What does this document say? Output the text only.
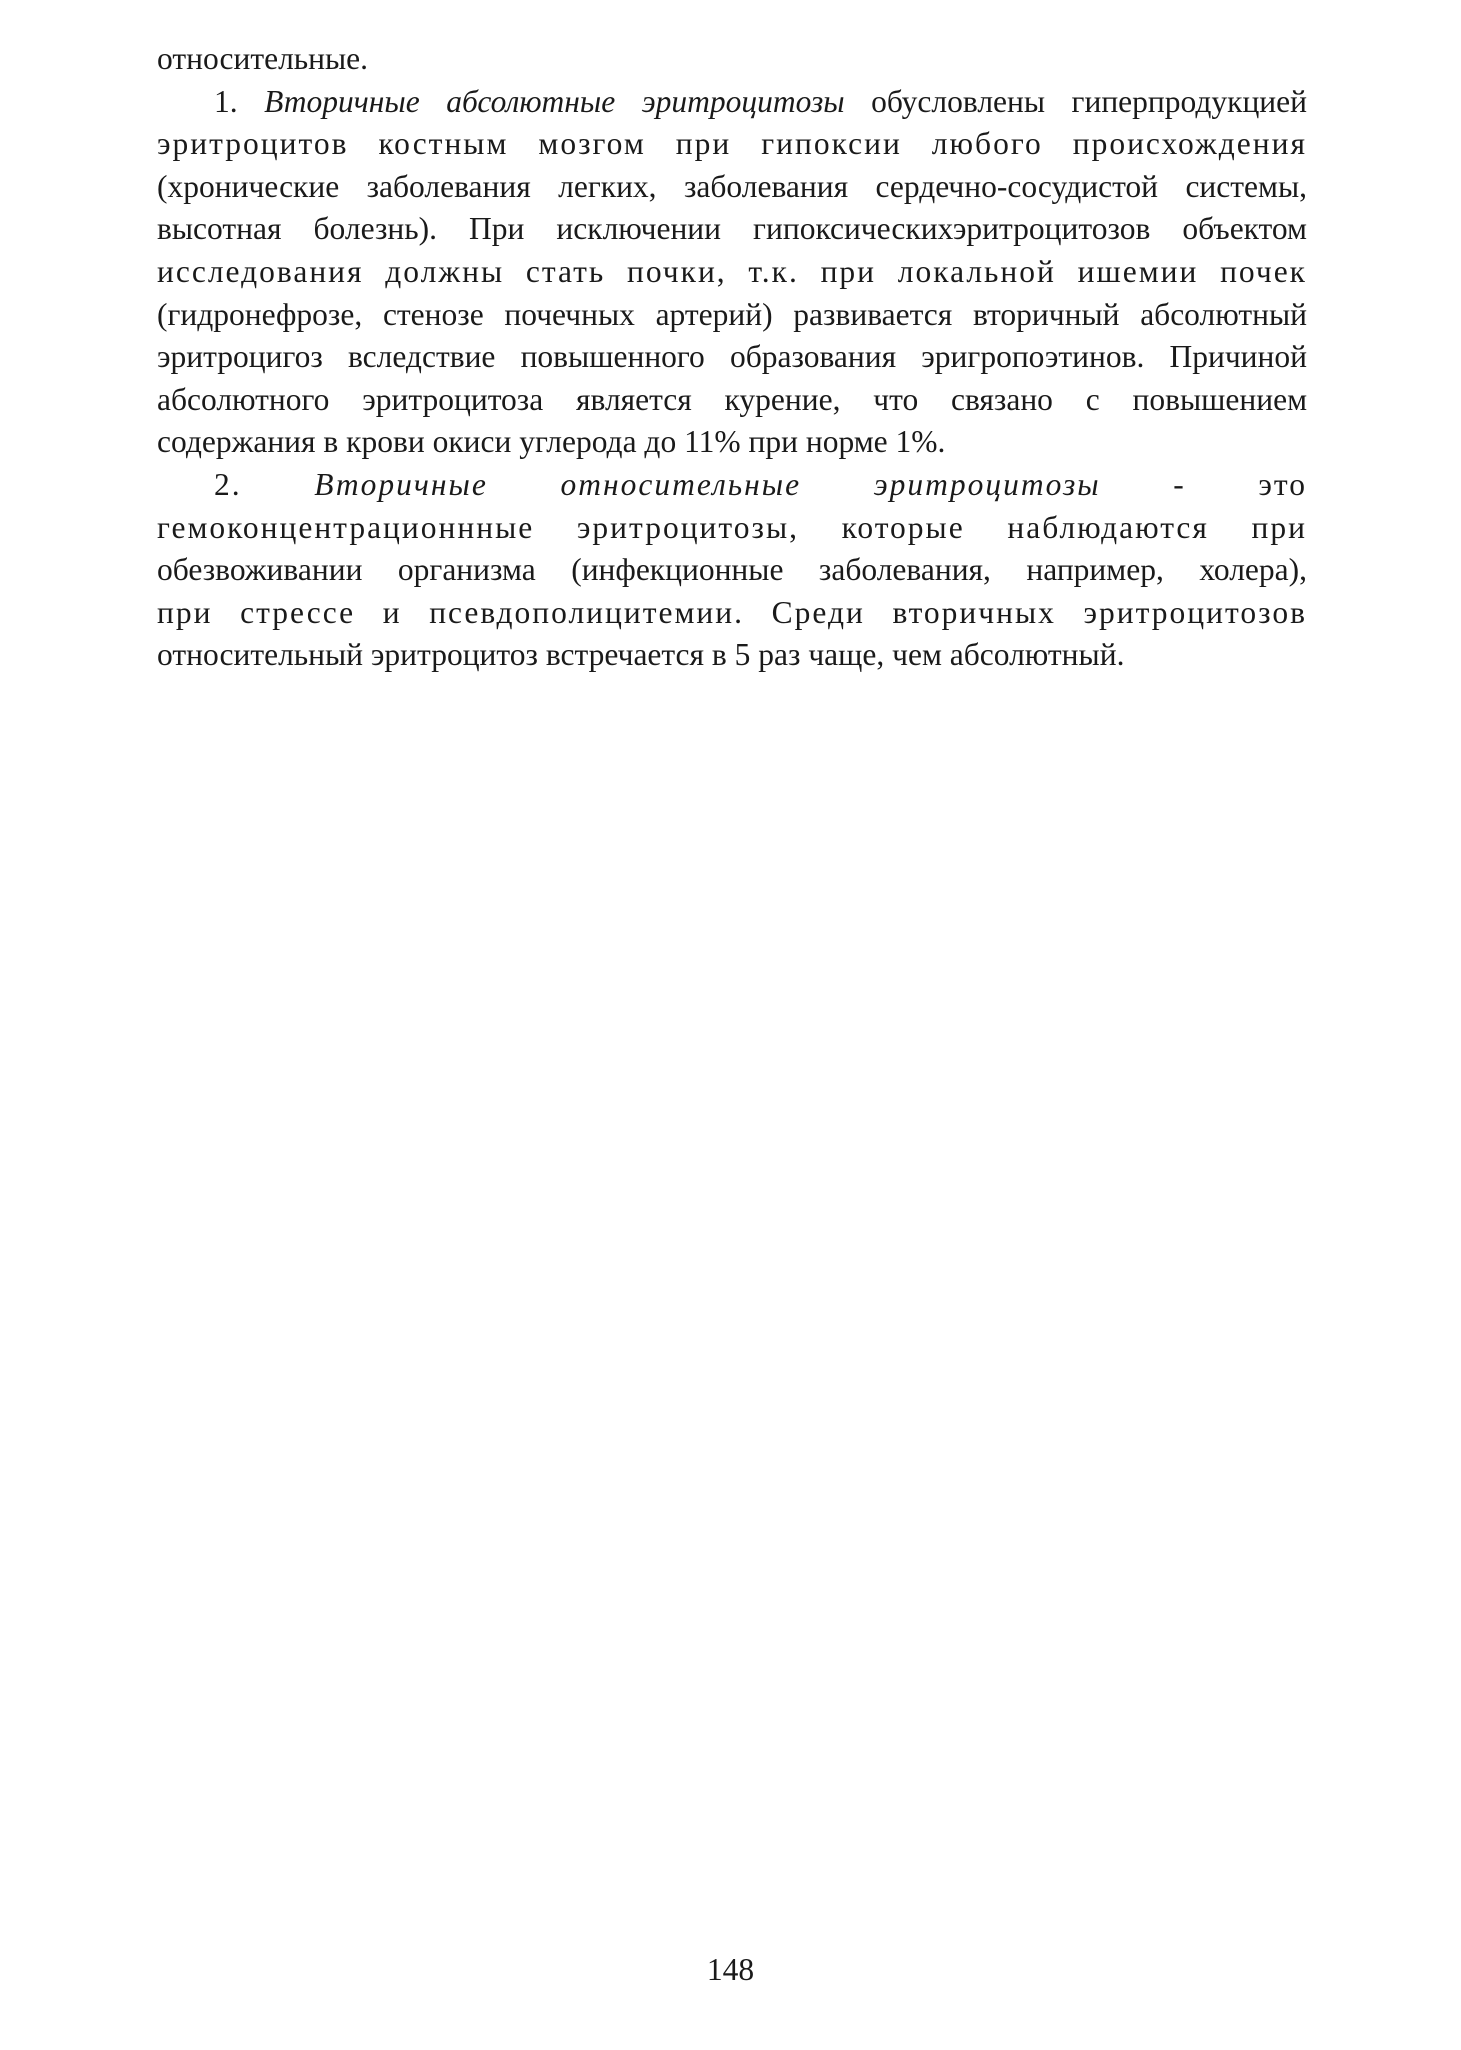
относительные.
1. Вторичные абсолютные эритроцитозы обусловлены гиперпродукцией
эритроцитов костным мозгом при гипоксии любого происхождения
(хронические заболевания легких, заболевания сердечно-сосудистой системы,
высотная болезнь). При исключении гипоксическихэритроцитозов объектом
исследования должны стать почки, т.к. при локальной ишемии почек
(гидронефрозе, стенозе почечных артерий) развивается вторичный абсолютный
эритроцигоз вследствие повышенного образования эригропоэтинов. Причиной
абсолютного эритроцитоза является курение, что связано с повышением
содержания в крови окиси углерода до 11% при норме 1%.
2. Вторичные относительные эритроцитозы - это
гемоконцентрационнные эритроцитозы, которые наблюдаются при
обезвоживании организма (инфекционные заболевания, например, холера),
при стрессе и псевдополицитемии. Среди вторичных эритроцитозов
относительный эритроцитоз встречается в 5 раз чаще, чем абсолютный.
148
